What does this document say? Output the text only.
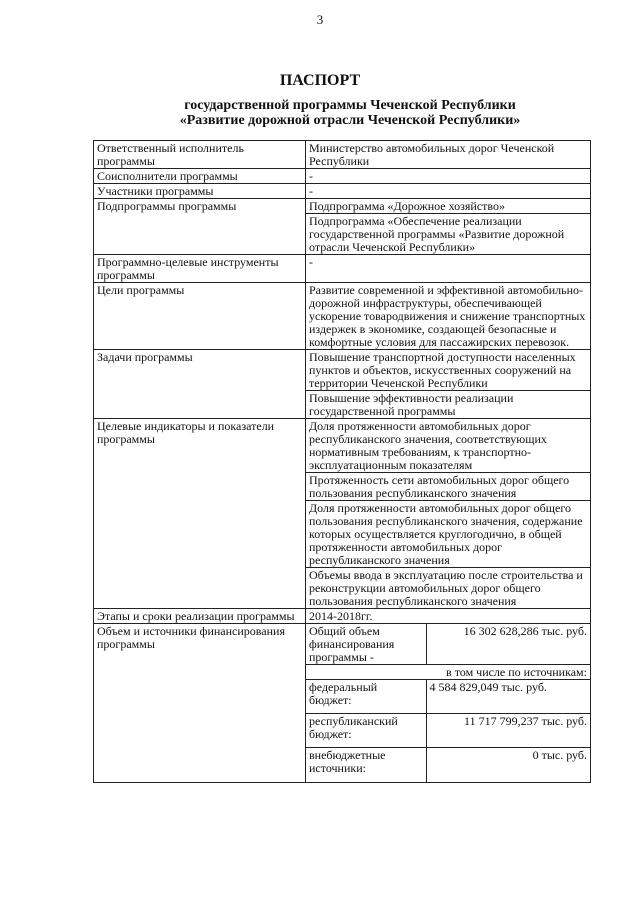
3
ПАСПОРТ
государственной программы Чеченской Республики
«Развитие дорожной отрасли Чеченской Республики»
Ответственный исполнитель программы	Министерство автомобильных дорог Чеченской Республики
Соисполнители программы	-
Участники программы	-
Подпрограммы программы	Подпрограмма «Дорожное хозяйство»
Подпрограмма «Обеспечение реализации государственной программы «Развитие дорожной отрасли Чеченской Республики»
Программно-целевые инструменты программы	-
Цели программы	Развитие современной и эффективной автомобильно-дорожной инфраструктуры, обеспечивающей ускорение товародвижения и снижение транспортных издержек в экономике, создающей безопасные и комфортные условия для пассажирских перевозок.
Задачи программы	Повышение транспортной доступности населенных пунктов и объектов, искусственных сооружений на территории Чеченской Республики
Повышение эффективности реализации государственной программы
Целевые индикаторы и показатели программы	Доля протяженности автомобильных дорог республиканского значения, соответствующих нормативным требованиям, к транспортно-эксплуатационным показателям
Протяженность сети автомобильных дорог общего пользования республиканского значения
Доля протяженности автомобильных дорог общего пользования республиканского значения, содержание которых осуществляется круглогодично, в общей протяженности автомобильных дорог республиканского значения
Объемы ввода в эксплуатацию после строительства и реконструкции автомобильных дорог общего пользования республиканского значения
Этапы и сроки реализации программы	2014-2018гг.
Объем и источники финансирования программы	
Общий объем финансирования программы -	16 302 628,286 тыс. руб.
в том числе по источникам:
федеральный бюджет:	4 584 829,049 тыс. руб.
республиканский бюджет:	11 717 799,237 тыс. руб.
внебюджетные источники:	0 тыс. руб.
